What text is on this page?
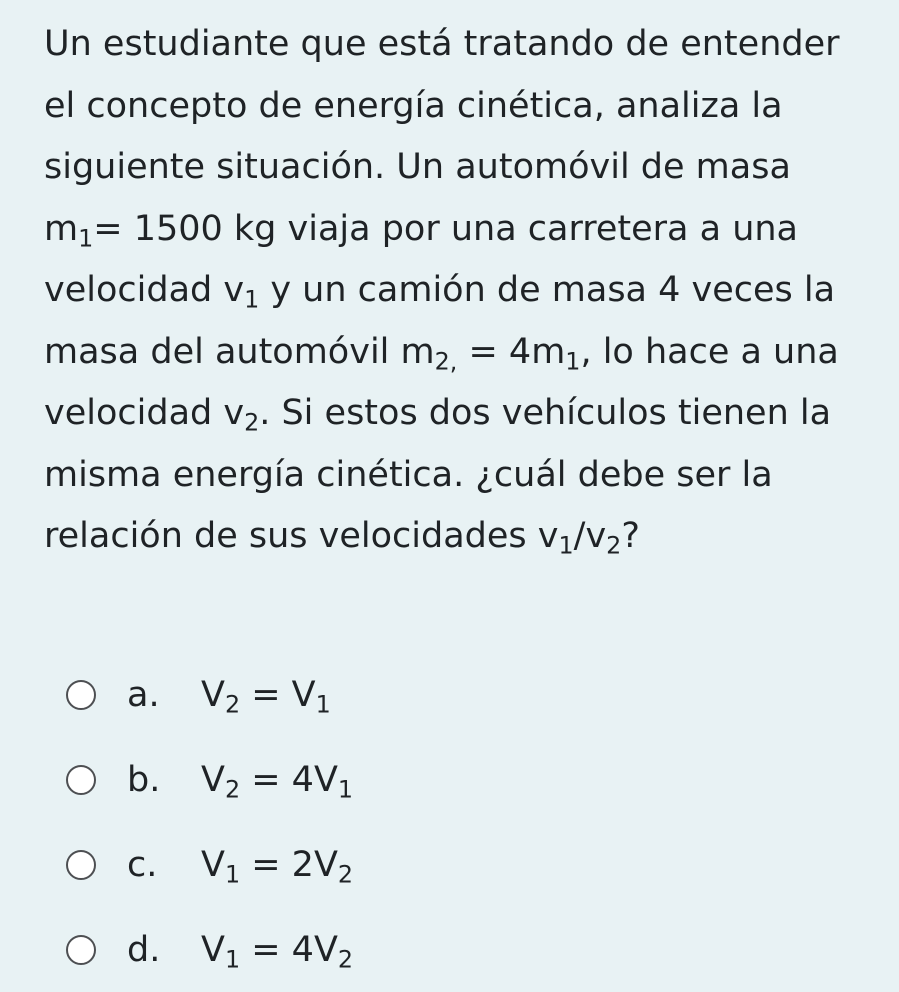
Un estudiante que está tratando de entender el concepto de energía cinética, analiza la siguiente situación. Un automóvil de masa $m_1= 1500$ kg viaja por una carretera a una velocidad $v_1$ y un camión de masa 4 veces la masa del automóvil $m_{2,} = 4m_1$, lo hace a una velocidad $v_2$. Si estos dos vehículos tienen la misma energía cinética. ¿cuál debe ser la relación de sus velocidades $v_1/v_2$?

a.	$V_2 = V_1$
b.	$V_2 = 4V_1$
c.	$V_1 = 2V_2$
d.	$V_1 = 4V_2$
